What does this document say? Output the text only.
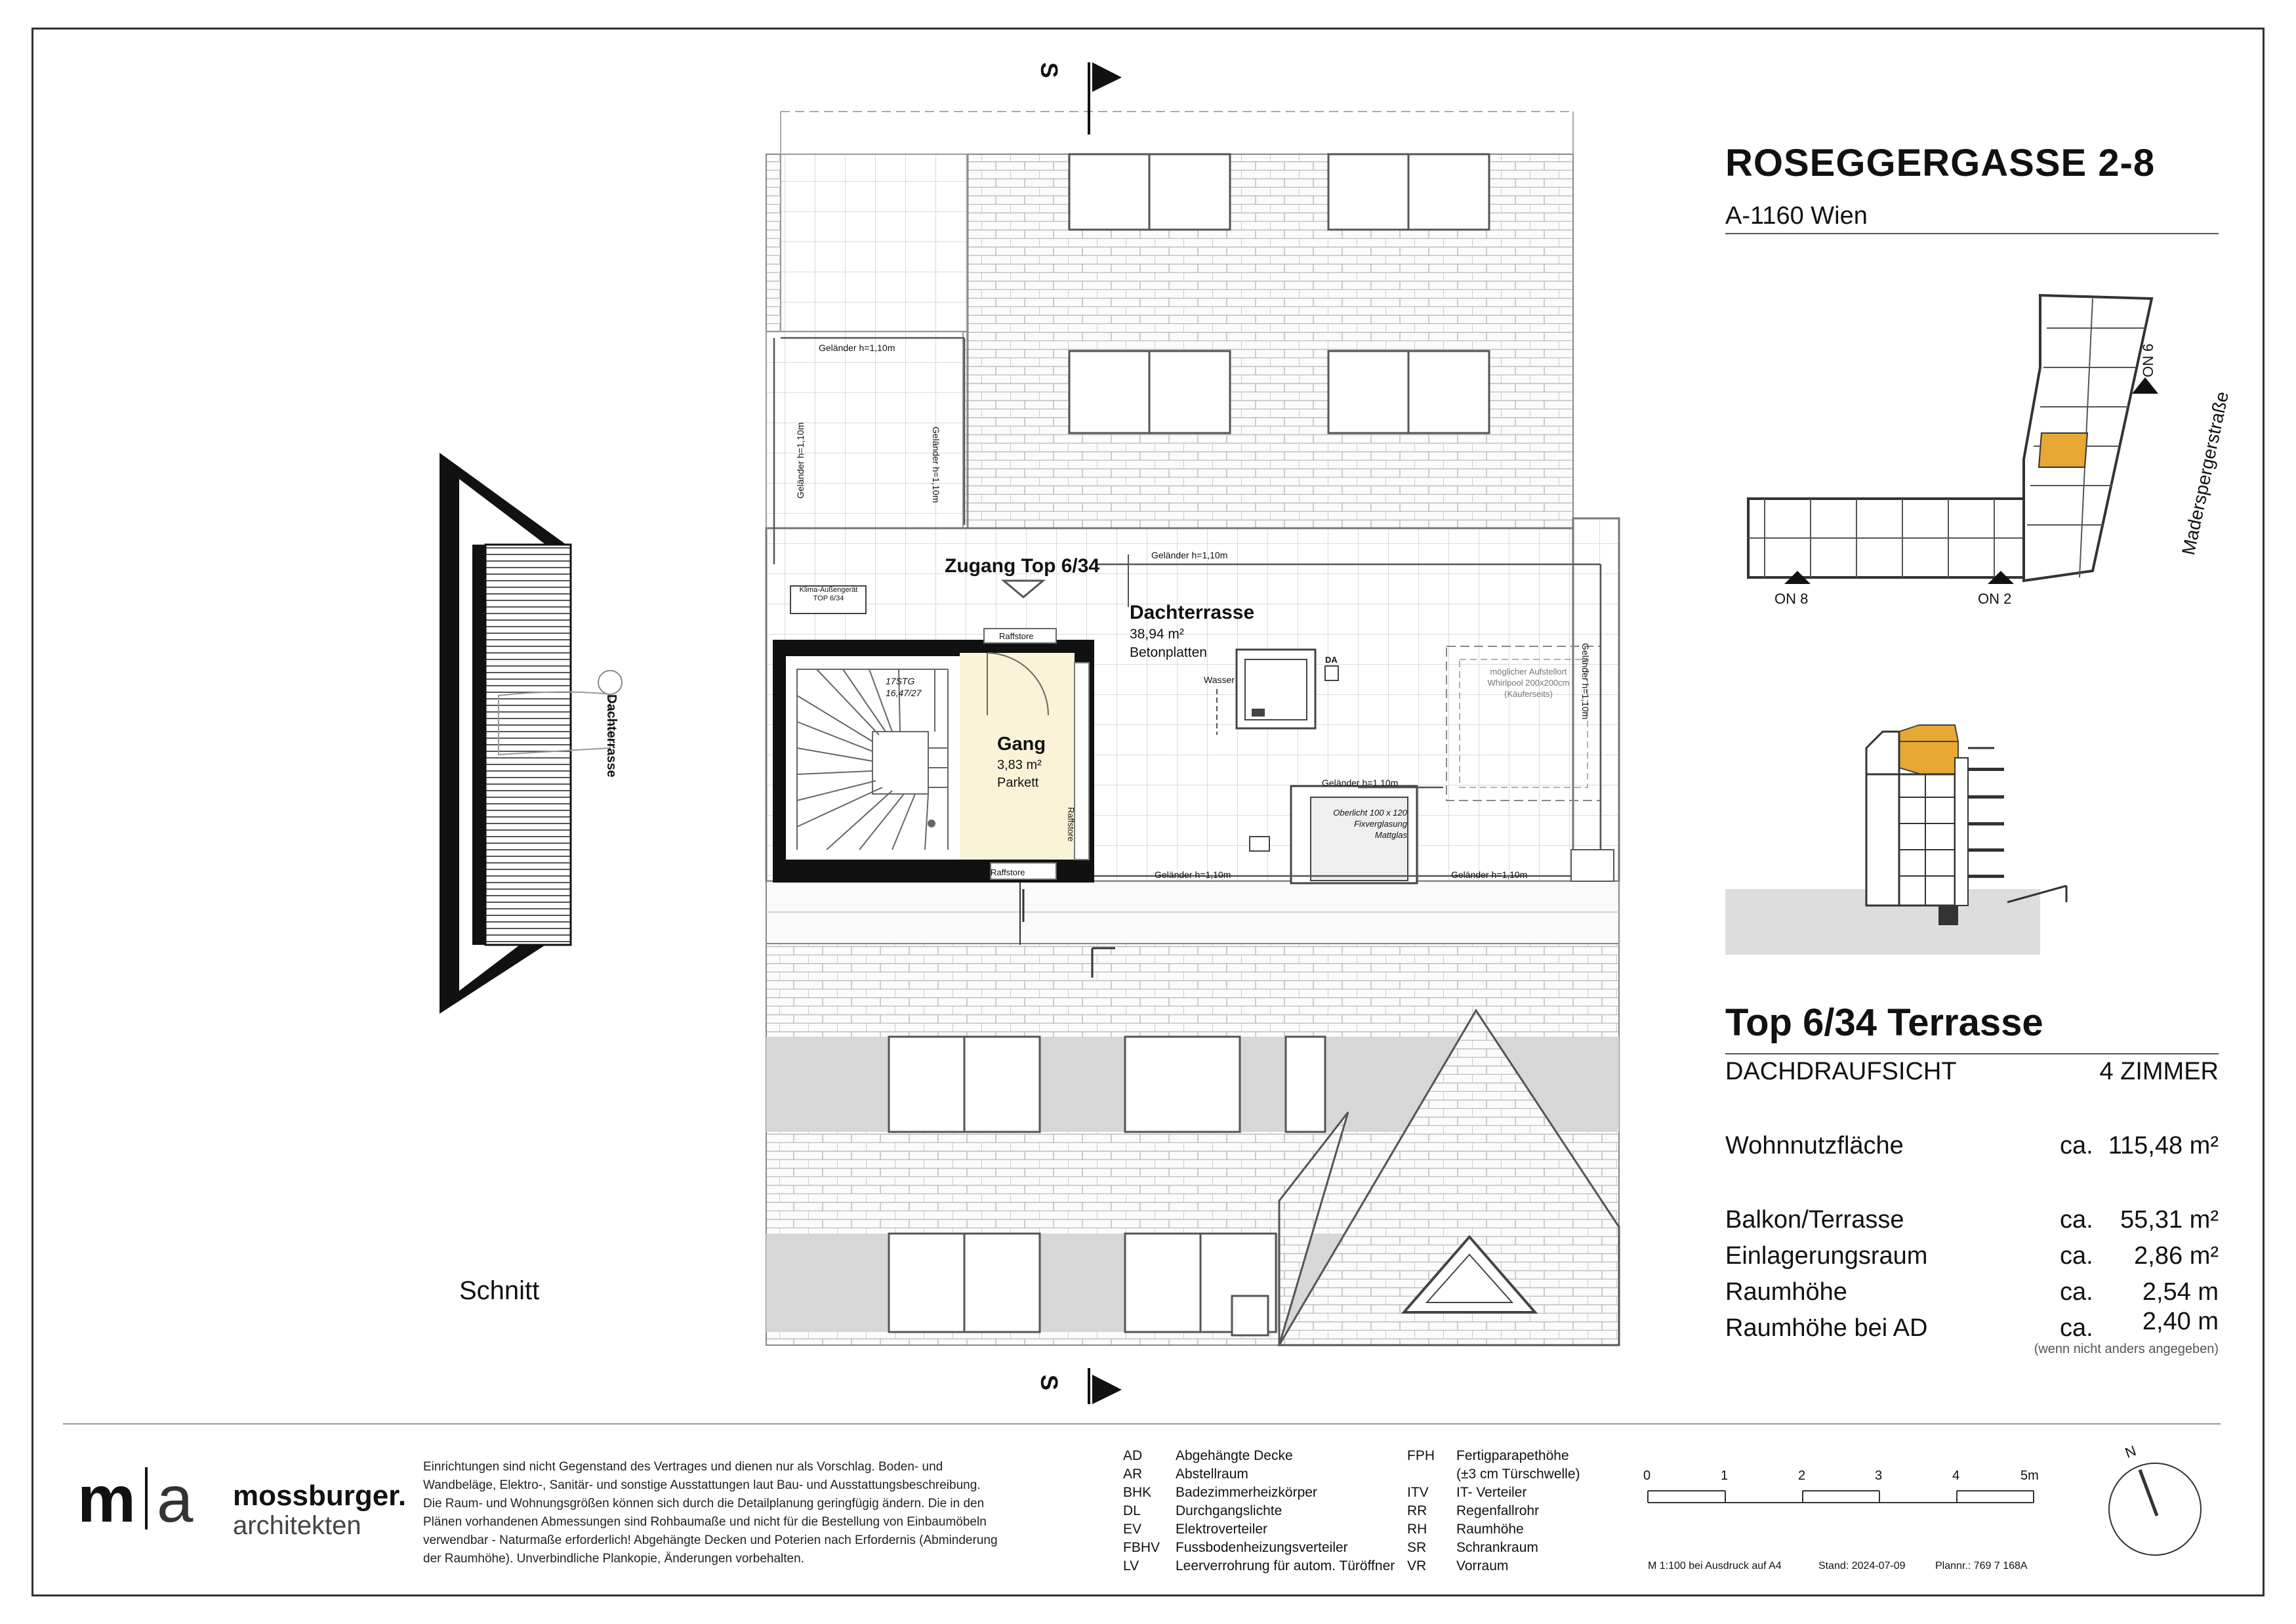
S
S
Zugang Top 6/34
Dachterrasse
38,94 m²
Betonplatten
Gang
3,83 m²
Parkett
17STG
16,47/27
Klima-Außengerät
TOP 6/34
Raffstore
Raffstore
Raffstore
Geländer h=1,10m
Geländer h=1,10m
Geländer h=1,10m
Geländer h=1,10m	Geländer h=1,10m
Geländer h=1,10m	Geländer h=1,10m
Geländer h=1,10m
Wasser
DA
möglicher Aufstellort
Whirlpool 200x200cm
(Käuferseits)
Oberlicht 100 x 120
Fixverglasung
Mattglas
Dachterrasse
Schnitt
ROSEGGERGASSE 2-8
A-1160 Wien
ON 6
Maderspergerstraße
ON 8	ON 2
Top 6/34 Terrasse
DACHDRAUFSICHT	4 ZIMMER
Wohnnutzfläche	ca. 115,48 m²
Balkon/Terrasse	ca.	55,31 m²
Einlagerungsraum	ca.	2,86 m²
Raumhöhe	ca.	2,54 m
Raumhöhe bei AD	ca.	2,40 m
(wenn nicht anders angegeben)
m a mossburger.
architekten
Einrichtungen sind nicht Gegenstand des Vertrages und dienen nur als Vorschlag. Boden- und
Wandbeläge, Elektro-, Sanitär- und sonstige Ausstattungen laut Bau- und Ausstattungsbeschreibung.
Die Raum- und Wohnungsgrößen können sich durch die Detailplanung geringfügig ändern. Die in den
Plänen vorhandenen Abmessungen sind Rohbaumaße und nicht für die Bestellung von Einbaumöbeln
verwendbar - Naturmaße erforderlich! Abgehängte Decken und Poterien nach Erfordernis (Abminderung
der Raumhöhe). Unverbindliche Plankopie, Änderungen vorbehalten.
AD Abgehängte Decke
AR Abstellraum
BHK Badezimmerheizkörper
DL	Durchgangslichte
EV Elektroverteiler
FBHV Fussbodenheizungsverteiler
LV	Leerverrohrung für autom. Türöffner
FPH Fertigparapethöhe
(±3 cm Türschwelle)
ITV IT- Verteiler
RR Regenfallrohr
RH Raumhöhe
SR Schrankraum
VR Vorraum
0	1	2	3	4	5m
N
M 1:100 bei Ausdruck auf A4	Stand: 2024-07-09	Plannr.: 769 7 168A
